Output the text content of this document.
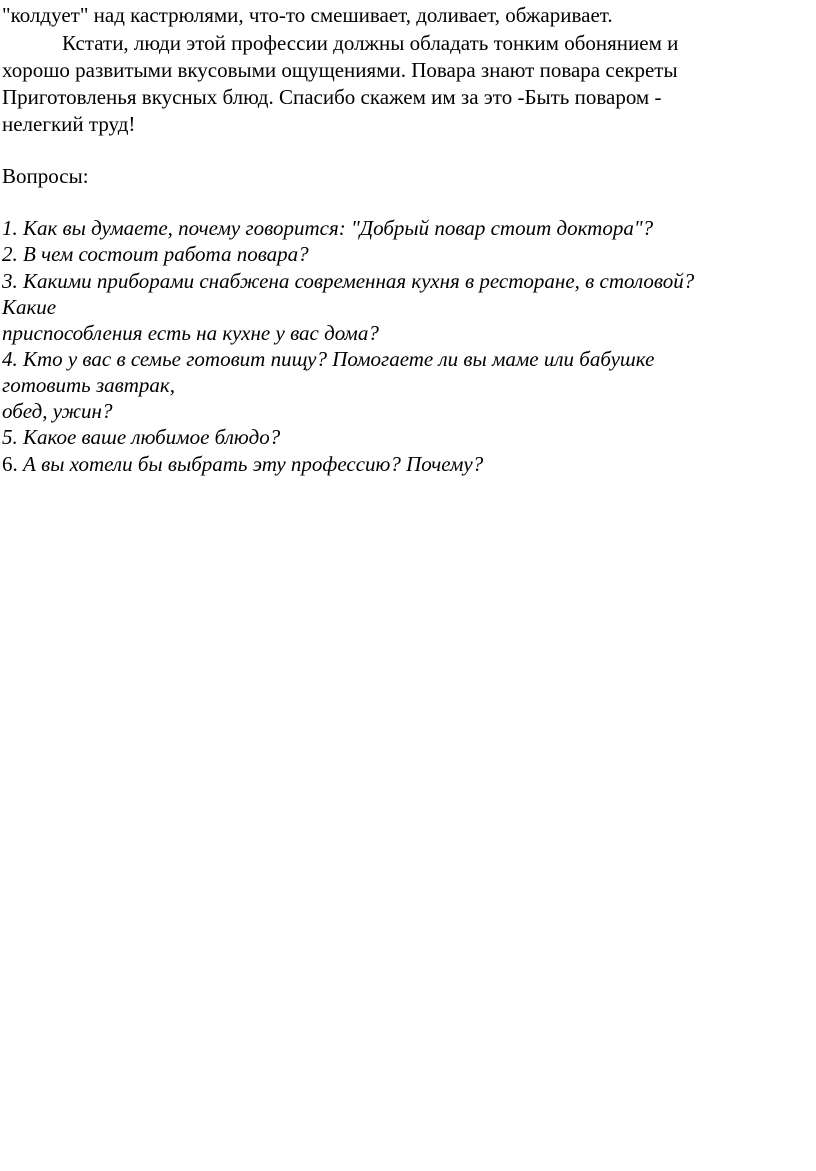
"колдует" над кастрюлями, что-то смешивает, доливает, обжаривает.
Кстати, люди этой профессии должны обладать тонким обонянием и
хорошо развитыми вкусовыми ощущениями. Повара знают повара секреты
Приготовленья вкусных блюд. Спасибо скажем им за это -Быть поваром -
нелегкий труд!
Вопросы:
1. Как вы думаете, почему говорится: "Добрый повар стоит доктора"?
2. В чем состоит работа повара?
3. Какими приборами снабжена современная кухня в ресторане, в столовой?
Какие
приспособления есть на кухне у вас дома?
4. Кто у вас в семье готовит пищу? Помогаете ли вы маме или бабушке
готовить завтрак,
обед, ужин?
5. Какое ваше любимое блюдо?
6. А вы хотели бы выбрать эту профессию? Почему?
